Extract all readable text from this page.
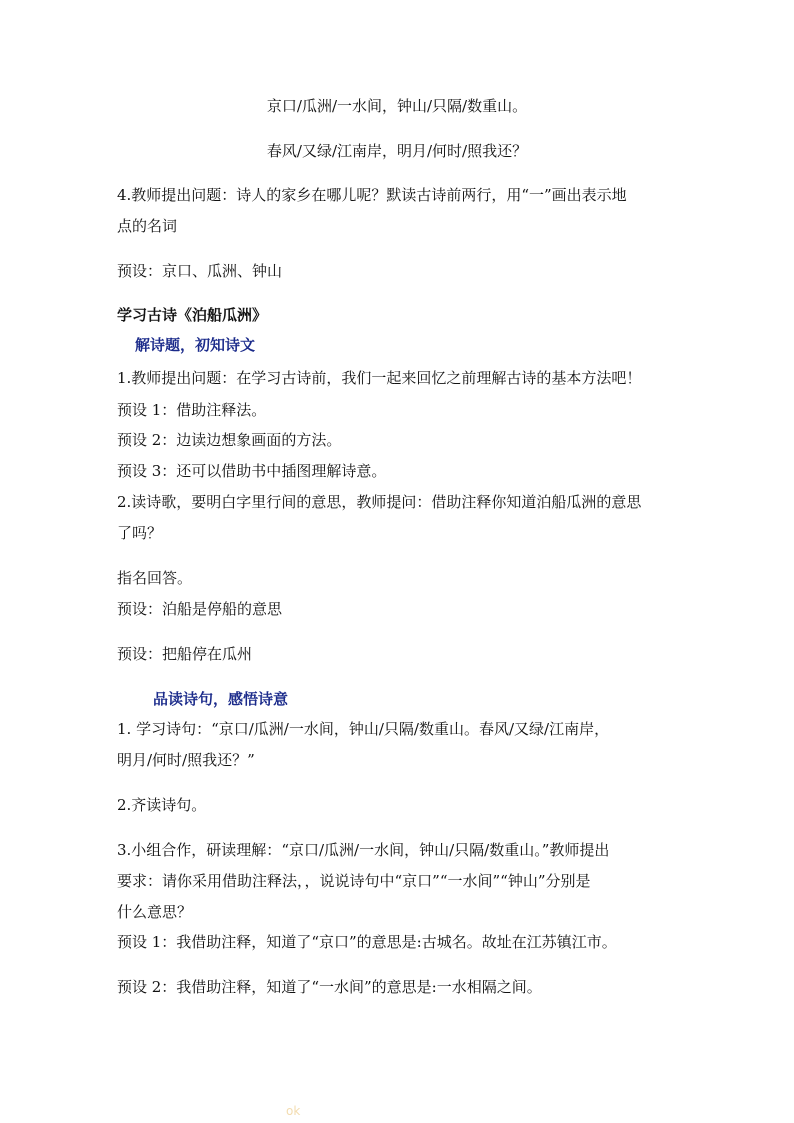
京口/瓜洲/一水间，钟山/只隔/数重山。
春风/又绿/江南岸，明月/何时/照我还？
4.教师提出问题：诗人的家乡在哪儿呢？默读古诗前两行，用“一”画出表示地
点的名词
预设：京口、瓜洲、钟山
学习古诗《泊船瓜洲》
解诗题，初知诗文
1.教师提出问题：在学习古诗前，我们一起来回忆之前理解古诗的基本方法吧！
预设 1：借助注释法。
预设 2：边读边想象画面的方法。
预设 3：还可以借助书中插图理解诗意。
2.读诗歌，要明白字里行间的意思，教师提问：借助注释你知道泊船瓜洲的意思
了吗？
指名回答。
预设：泊船是停船的意思
预设：把船停在瓜州
品读诗句，感悟诗意
1. 学习诗句：“京口/瓜洲/一水间，钟山/只隔/数重山。春风/又绿/江南岸，
明月/何时/照我还？”
2.齐读诗句。
3.小组合作，研读理解：“京口/瓜洲/一水间，钟山/只隔/数重山。”教师提出
要求：请你采用借助注释法，，说说诗句中“京口”“一水间”“钟山”分别是
什么意思？
预设 1：我借助注释，知道了“京口”的意思是:古城名。故址在江苏镇江市。
预设 2：我借助注释，知道了“一水间”的意思是:一水相隔之间。
ok
